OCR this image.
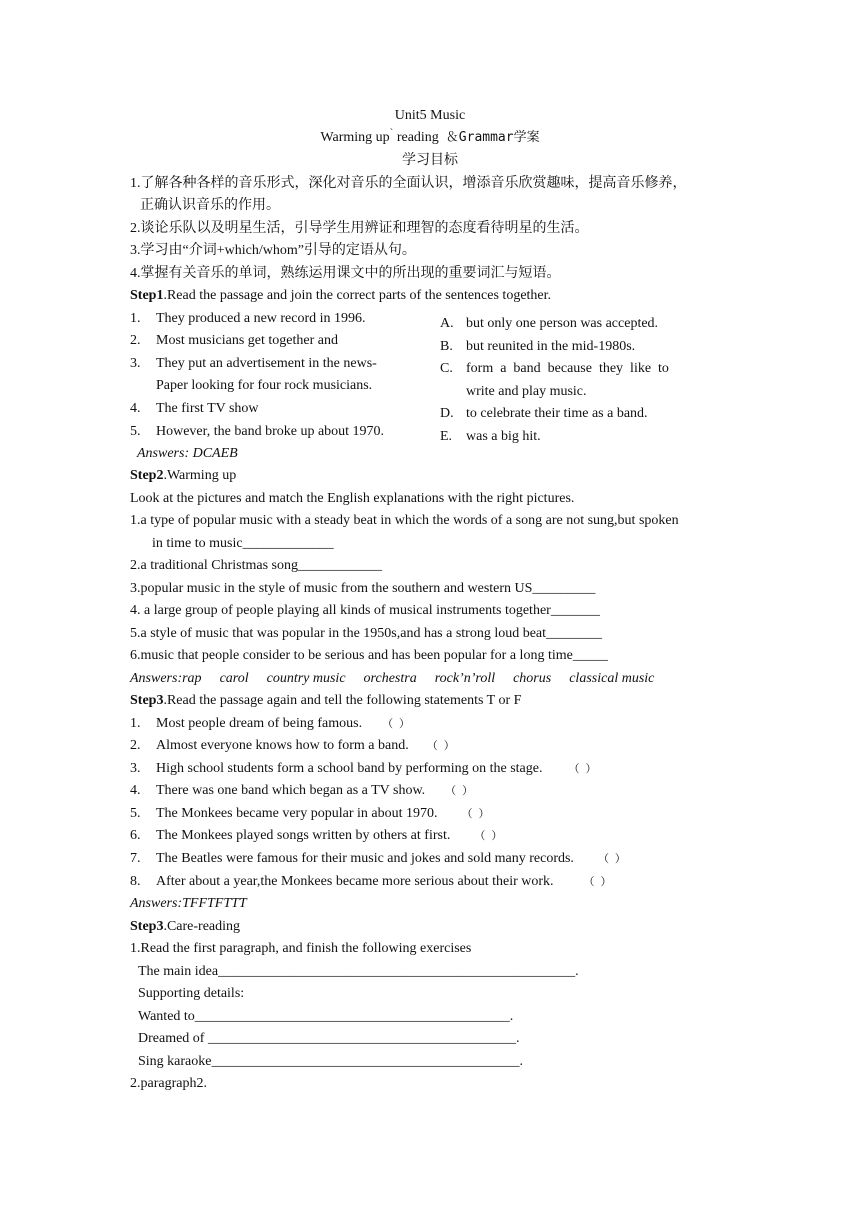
Unit5 Music
Warming up` reading  ＆Grammar学案
学习目标
1.了解各种各样的音乐形式，深化对音乐的全面认识，增添音乐欣赏趣味，提高音乐修养，
正确认识音乐的作用。
2.谈论乐队以及明星生活，引导学生用辨证和理智的态度看待明星的生活。
3.学习由“介词+which/whom”引导的定语从句。
4.掌握有关音乐的单词，熟练运用课文中的所出现的重要词汇与短语。
Step1.Read the passage and join the correct parts of the sentences together.
1. They produced a new record in 1996.
2. Most musicians get together and
3. They put an advertisement in the news-
Paper looking for four rock musicians.
4. The first TV show
5. However, the band broke up about 1970.
A. but only one person was accepted.
B. but reunited in the mid-1980s.
C. form  a  band  because  they  like  to
write and play music.
D. to celebrate their time as a band.
E. was a big hit.
Answers: DCAEB
Step2.Warming up
Look at the pictures and match the English explanations with the right pictures.
1.a type of popular music with a steady beat in which the words of a song are not sung,but spoken
in time to music_____________
2.a traditional Christmas song____________
3.popular music in the style of music from the southern and western US_________
4. a large group of people playing all kinds of musical instruments together_______
5.a style of music that was popular in the 1950s,and has a strong loud beat________
6.music that people consider to be serious and has been popular for a long time_____
Answers:rap carol country music orchestra rock’n’roll chorus classical music
Step3.Read the passage again and tell the following statements T or F
1. Most people dream of being famous. （）
2. Almost everyone knows how to form a band. （）
3. High school students form a school band by performing on the stage. （）
4. There was one band which began as a TV show. （）
5. The Monkees became very popular in about 1970. （）
6. The Monkees played songs written by others at first. （）
7. The Beatles were famous for their music and jokes and sold many records. （）
8. After about a year,the Monkees became more serious about their work.	（）
Answers:TFFTFTTT
Step3.Care-reading
1.Read the first paragraph, and finish the following exercises
The main idea___________________________________________________.
Supporting details:
Wanted to_____________________________________________.
Dreamed of ____________________________________________.
Sing karaoke____________________________________________.
2.paragraph2.
